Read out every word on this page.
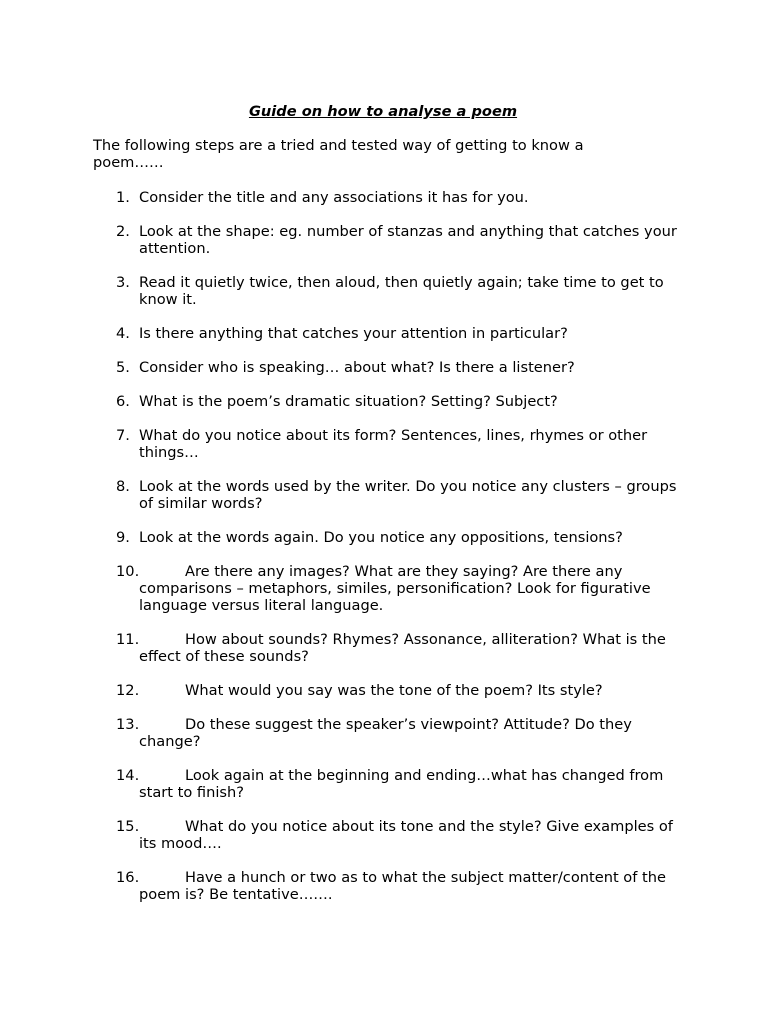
Guide on how to analyse a poem
The following steps are a tried and tested way of getting to know a poem……
1. Consider the title and any associations it has for you.
2. Look at the shape: eg. number of stanzas and anything that catches your attention.
3. Read it quietly twice, then aloud, then quietly again; take time to get to know it.
4. Is there anything that catches your attention in particular?
5. Consider who is speaking… about what? Is there a listener?
6. What is the poem’s dramatic situation? Setting? Subject?
7. What do you notice about its form? Sentences, lines, rhymes or other things…
8. Look at the words used by the writer. Do you notice any clusters – groups of similar words?
9. Look at the words again. Do you notice any oppositions, tensions?
10.	Are there any images? What are they saying? Are there any comparisons – metaphors, similes, personification? Look for figurative language versus literal language.
11.	How about sounds? Rhymes? Assonance, alliteration? What is the effect of these sounds?
12.	What would you say was the tone of the poem? Its style?
13.	Do these suggest the speaker’s viewpoint? Attitude? Do they change?
14.	Look again at the beginning and ending…what has changed from start to finish?
15.	What do you notice about its tone and the style? Give examples of its mood….
16.	Have a hunch or two as to what the subject matter/content of the poem is? Be tentative…….
